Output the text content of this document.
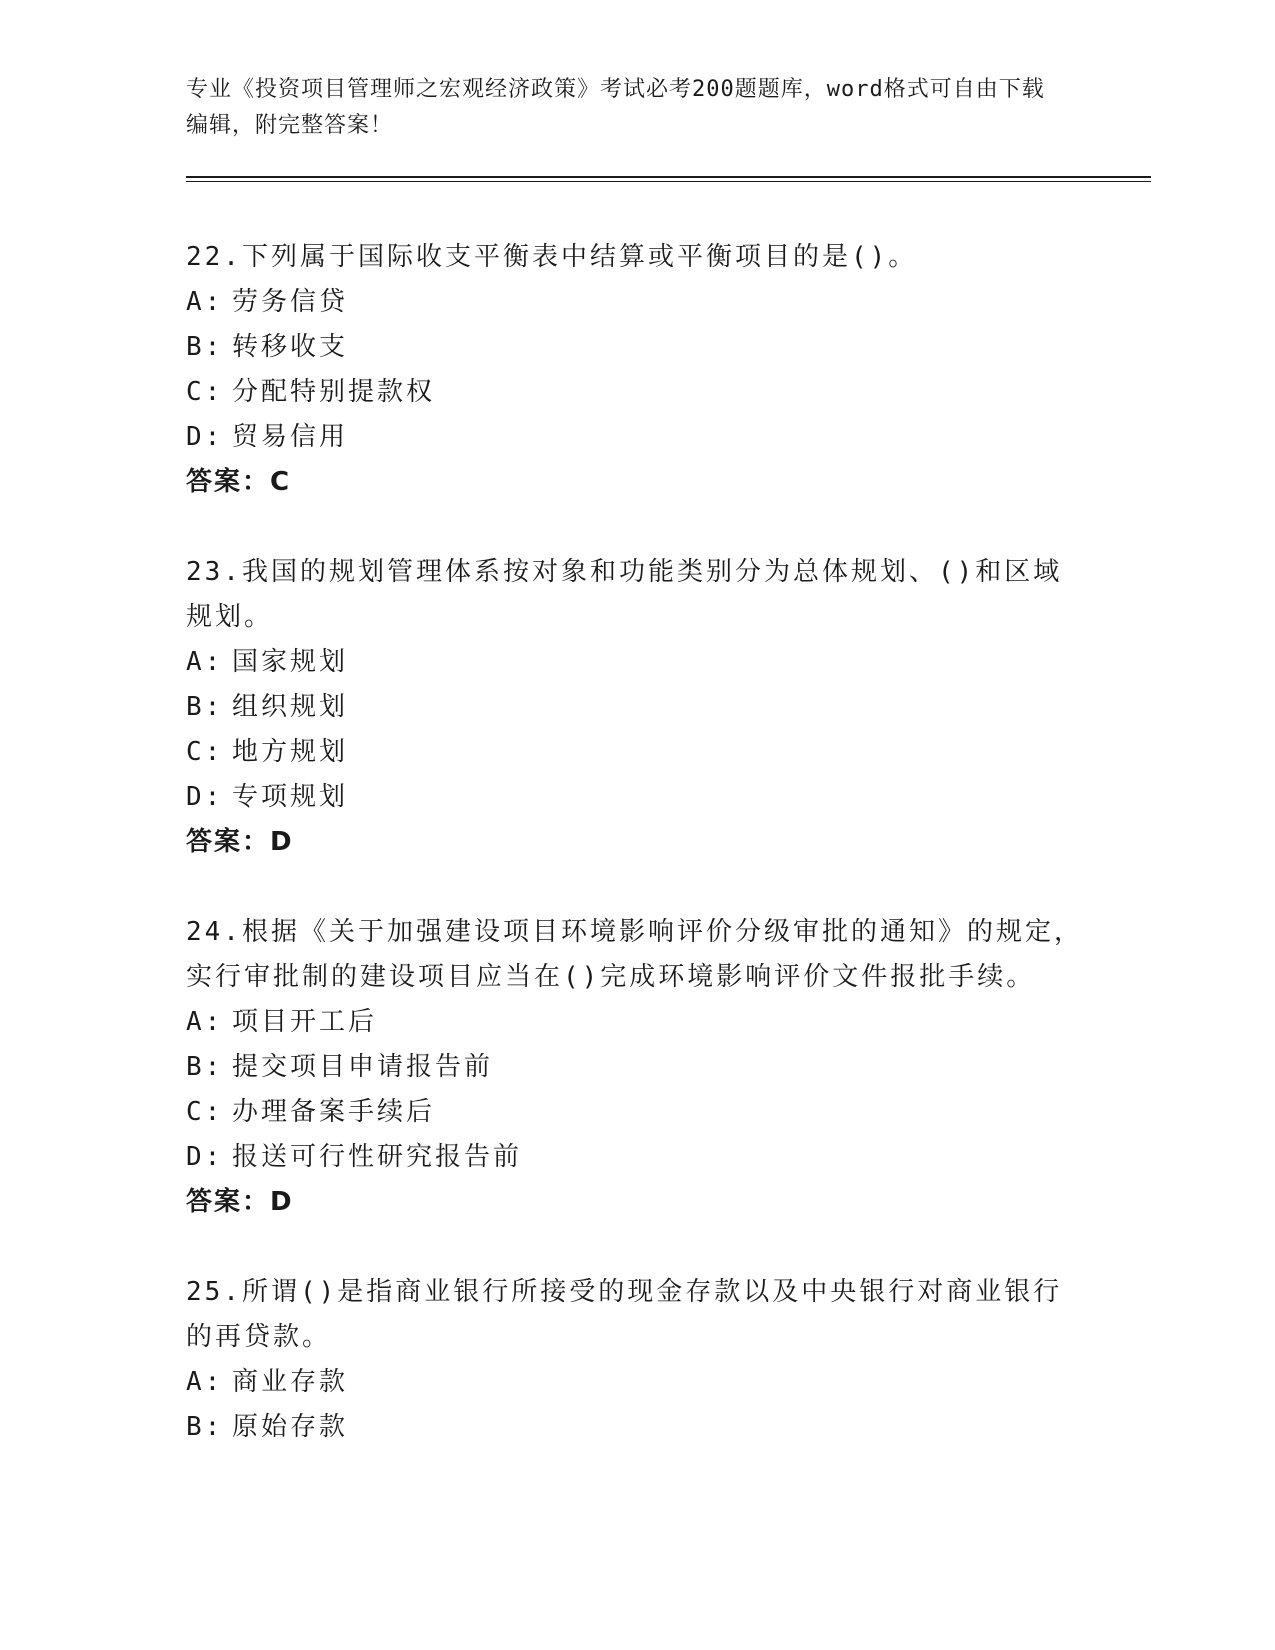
专业《投资项目管理师之宏观经济政策》考试必考200题题库，word格式可自由下载编辑，附完整答案！

22.下列属于国际收支平衡表中结算或平衡项目的是()。

A: 劳务信贷

B: 转移收支

C: 分配特别提款权

D: 贸易信用

答案：C

23.我国的规划管理体系按对象和功能类别分为总体规划、()和区域规划。

A: 国家规划

B: 组织规划

C: 地方规划

D: 专项规划

答案：D

24.根据《关于加强建设项目环境影响评价分级审批的通知》的规定，实行审批制的建设项目应当在()完成环境影响评价文件报批手续。

A: 项目开工后

B: 提交项目申请报告前

C: 办理备案手续后

D: 报送可行性研究报告前

答案：D

25.所谓()是指商业银行所接受的现金存款以及中央银行对商业银行的再贷款。

A: 商业存款

B: 原始存款
